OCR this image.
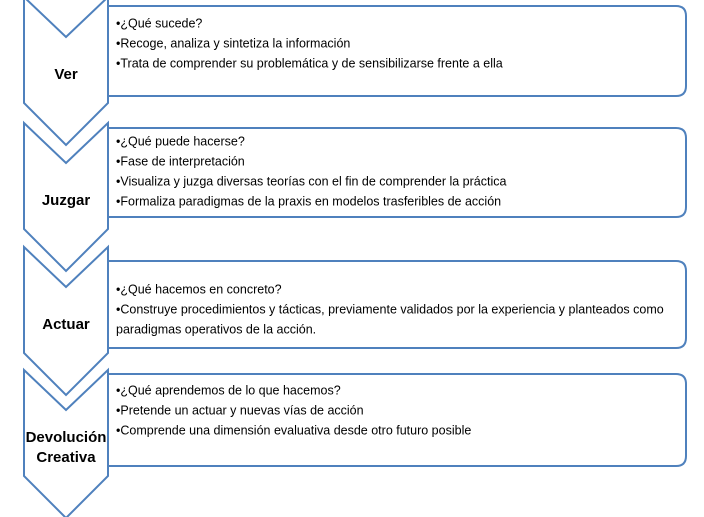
Ver
•¿Qué sucede?
•Recoge, analiza y sintetiza la información
•Trata de comprender su problemática y de sensibilizarse frente a ella
Juzgar
•¿Qué puede hacerse?
•Fase de interpretación
•Visualiza y juzga diversas teorías con el fin de comprender la práctica
•Formaliza paradigmas de la praxis en modelos trasferibles de acción
Actuar
•¿Qué hacemos en concreto?
•Construye procedimientos y tácticas, previamente validados por la experiencia y planteados como
paradigmas operativos de la acción.
Devolución
Creativa
•¿Qué aprendemos de lo que hacemos?
•Pretende un actuar y nuevas vías de acción
•Comprende una dimensión evaluativa desde otro futuro posible
